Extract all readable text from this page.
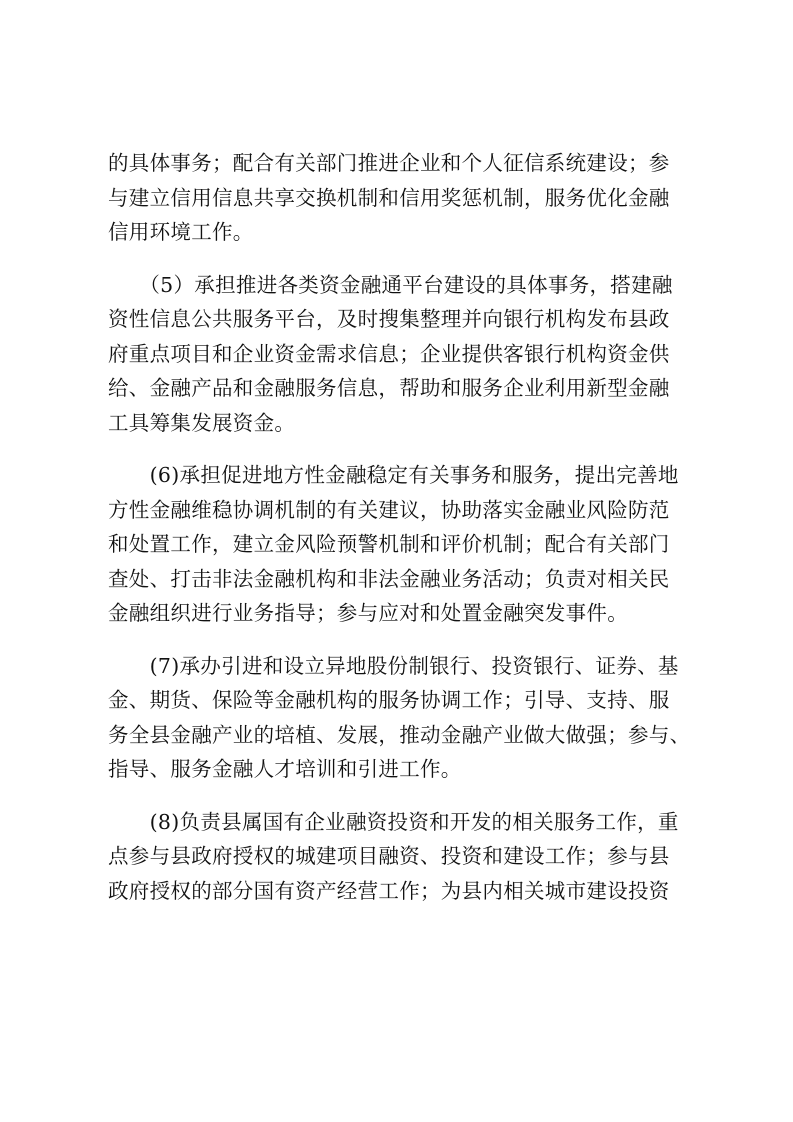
的具体事务；配合有关部门推进企业和个人征信系统建设；参
与建立信用信息共享交换机制和信用奖惩机制，服务优化金融
信用环境工作。
　　（5）承担推进各类资金融通平台建设的具体事务，搭建融
资性信息公共服务平台，及时搜集整理并向银行机构发布县政
府重点项目和企业资金需求信息；企业提供客银行机构资金供
给、金融产品和金融服务信息，帮助和服务企业利用新型金融
工具筹集发展资金。
　　(6)承担促进地方性金融稳定有关事务和服务，提出完善地
方性金融维稳协调机制的有关建议，协助落实金融业风险防范
和处置工作，建立金风险预警机制和评价机制；配合有关部门
查处、打击非法金融机构和非法金融业务活动；负责对相关民
金融组织进行业务指导；参与应对和处置金融突发事件。
　　(7)承办引进和设立异地股份制银行、投资银行、证券、基
金、期货、保险等金融机构的服务协调工作；引导、支持、服
务全县金融产业的培植、发展，推动金融产业做大做强；参与、
指导、服务金融人才培训和引进工作。
　　(8)负责县属国有企业融资投资和开发的相关服务工作，重
点参与县政府授权的城建项目融资、投资和建设工作；参与县
政府授权的部分国有资产经营工作；为县内相关城市建设投资
